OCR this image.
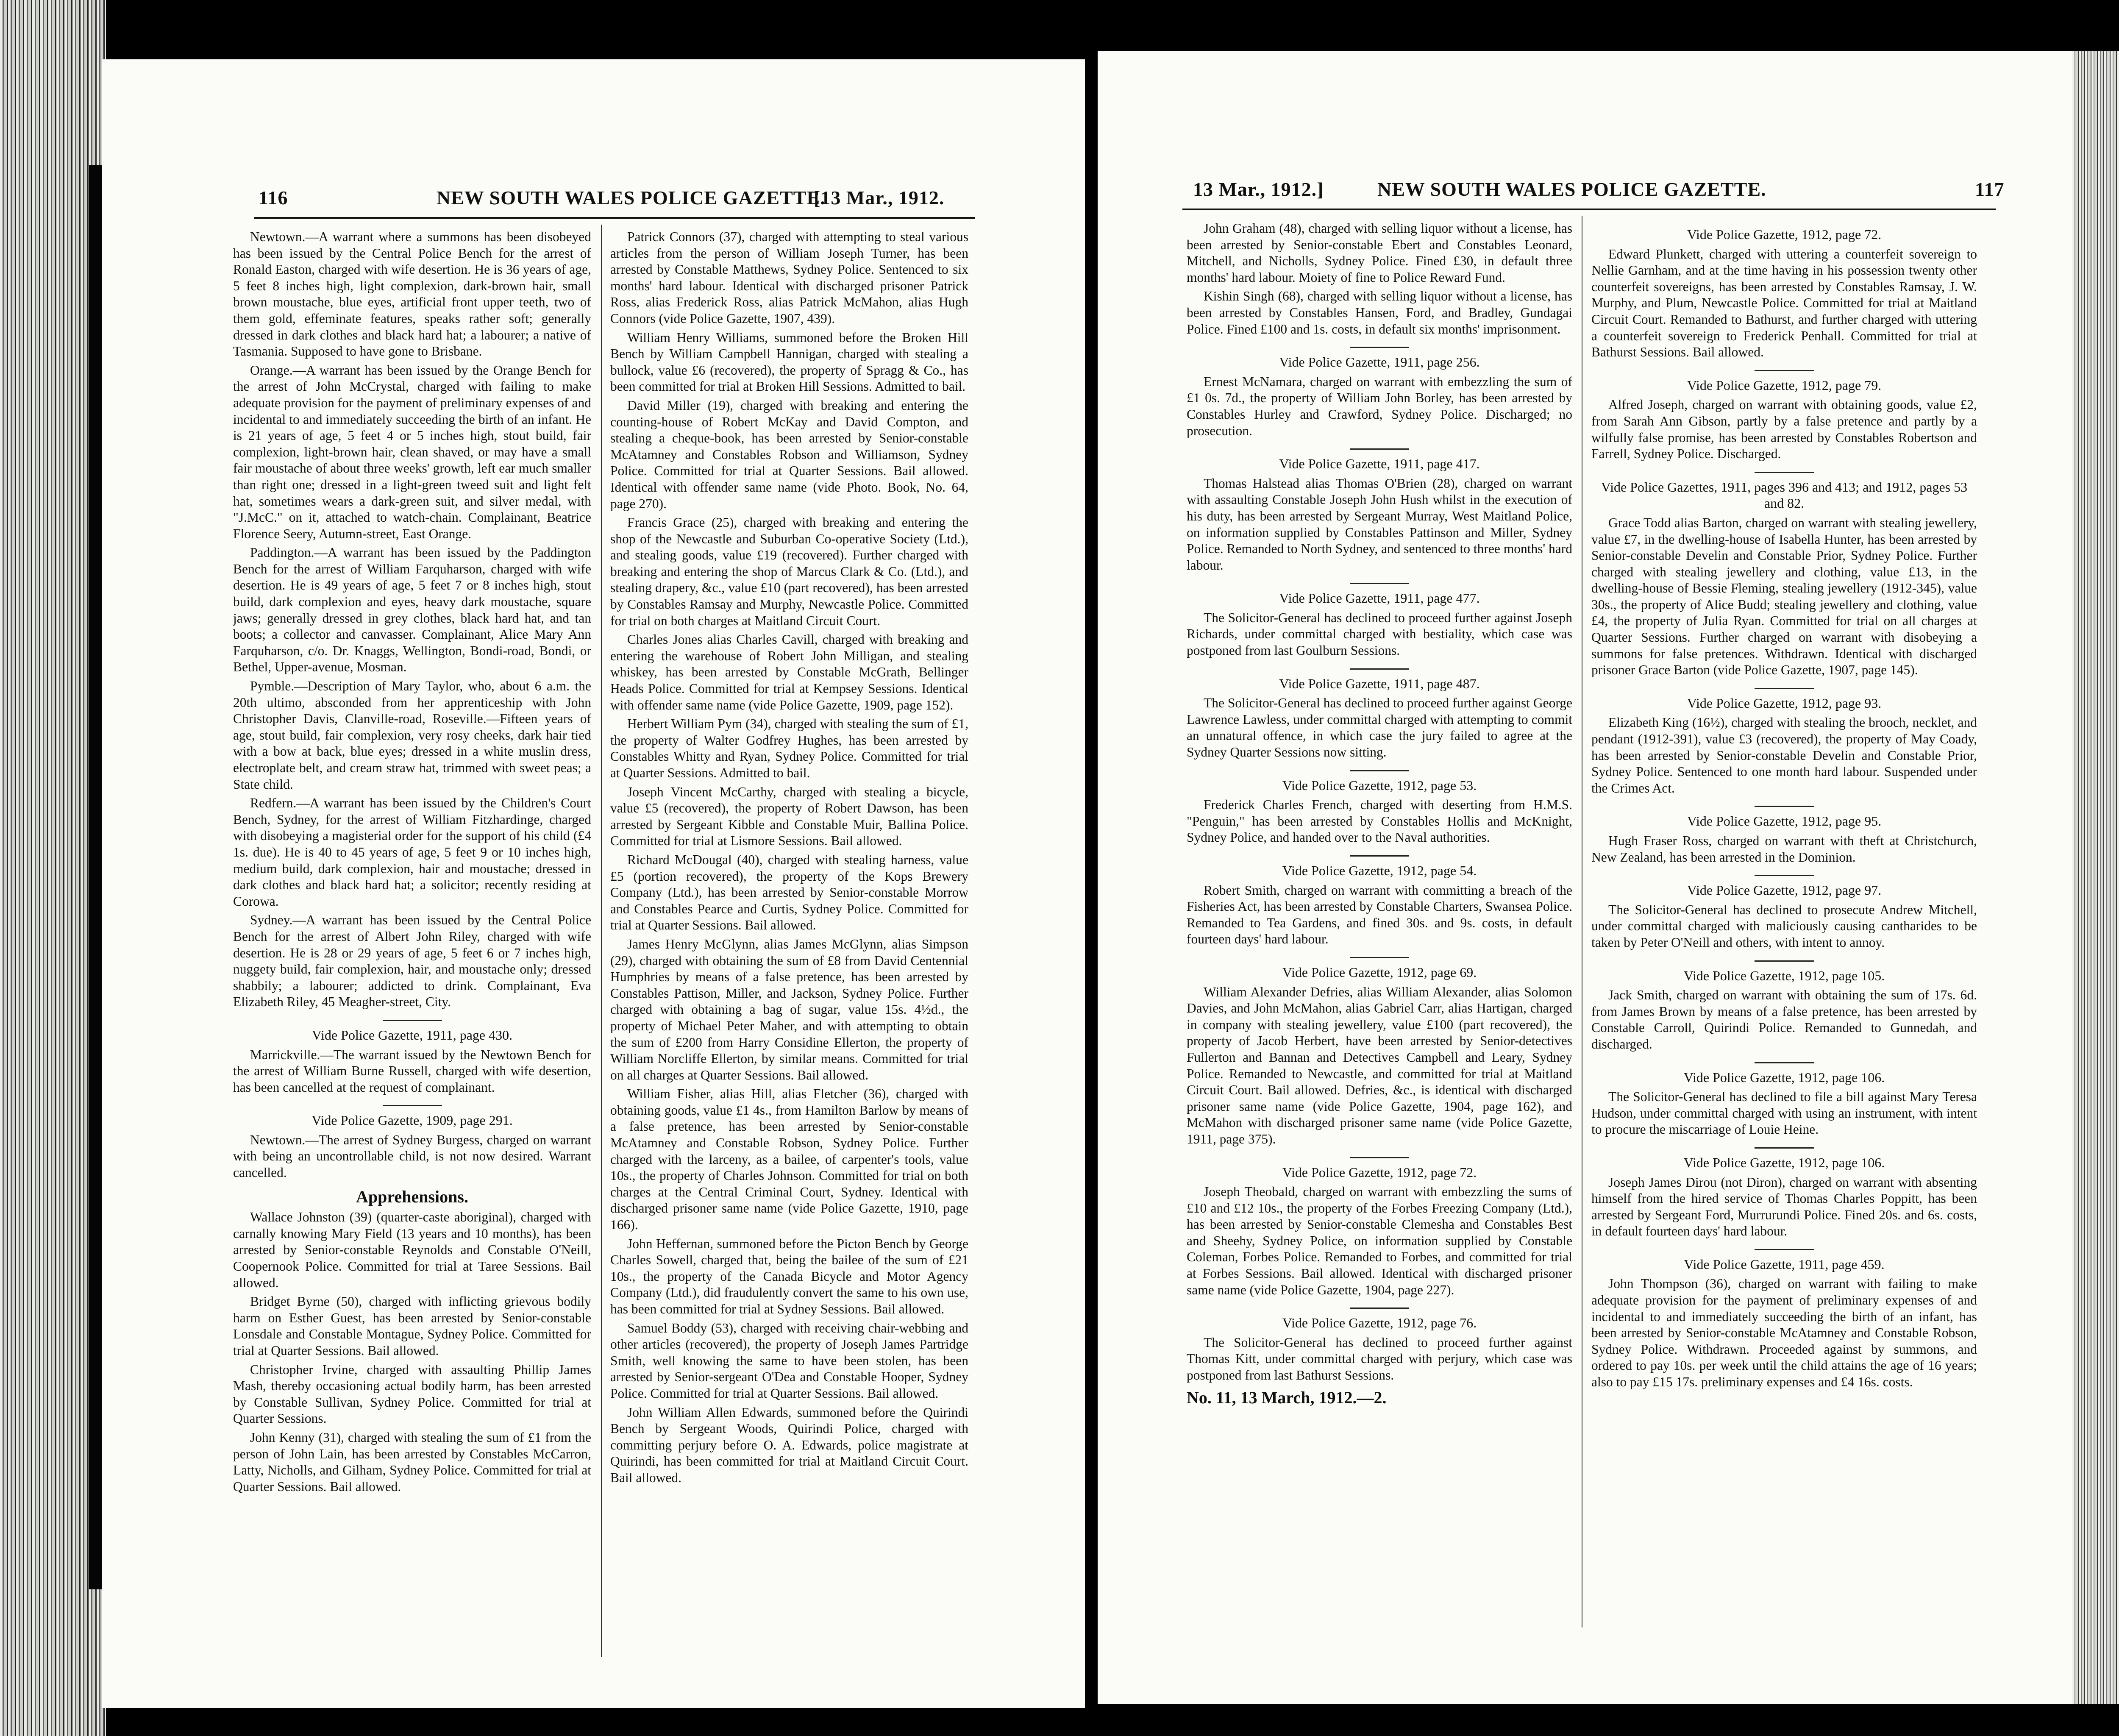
116	NEW SOUTH WALES POLICE GAZETTE.
[13 Mar., 1912.

Newtown.—A warrant where a summons has been disobeyed has been issued by the Central Police Bench for the arrest of Ronald Easton, charged with wife desertion. He is 36 years of age, 5 feet 8 inches high, light complexion, dark-brown hair, small brown moustache, blue eyes, artificial front upper teeth, two of them gold, effeminate features, speaks rather soft; generally dressed in dark clothes and black hard hat; a labourer; a native of Tasmania. Supposed to have gone to Brisbane.

Orange.—A warrant has been issued by the Orange Bench for the arrest of John McCrystal, charged with failing to make adequate provision for the payment of preliminary expenses of and incidental to and immediately succeeding the birth of an infant. He is 21 years of age, 5 feet 4 or 5 inches high, stout build, fair complexion, light-brown hair, clean shaved, or may have a small fair moustache of about three weeks' growth, left ear much smaller than right one; dressed in a light-green tweed suit and light felt hat, sometimes wears a dark-green suit, and silver medal, with "J.McC." on it, attached to watch-chain. Complainant, Beatrice Florence Seery, Autumn-street, East Orange.

Paddington.—A warrant has been issued by the Paddington Bench for the arrest of William Farquharson, charged with wife desertion. He is 49 years of age, 5 feet 7 or 8 inches high, stout build, dark complexion and eyes, heavy dark moustache, square jaws; generally dressed in grey clothes, black hard hat, and tan boots; a collector and canvasser. Complainant, Alice Mary Ann Farquharson, c/o. Dr. Knaggs, Wellington, Bondi-road, Bondi, or Bethel, Upper-avenue, Mosman.

Pymble.—Description of Mary Taylor, who, about 6 a.m. the 20th ultimo, absconded from her apprenticeship with John Christopher Davis, Clanville-road, Roseville.—Fifteen years of age, stout build, fair complexion, very rosy cheeks, dark hair tied with a bow at back, blue eyes; dressed in a white muslin dress, electroplate belt, and cream straw hat, trimmed with sweet peas; a State child.

Redfern.—A warrant has been issued by the Children's Court Bench, Sydney, for the arrest of William Fitzhardinge, charged with disobeying a magisterial order for the support of his child (£4 1s. due). He is 40 to 45 years of age, 5 feet 9 or 10 inches high, medium build, dark complexion, hair and moustache; dressed in dark clothes and black hard hat; a solicitor; recently residing at Corowa.

Sydney.—A warrant has been issued by the Central Police Bench for the arrest of Albert John Riley, charged with wife desertion. He is 28 or 29 years of age, 5 feet 6 or 7 inches high, nuggety build, fair complexion, hair, and moustache only; dressed shabbily; a labourer; addicted to drink. Complainant, Eva Elizabeth Riley, 45 Meagher-street, City.

Vide Police Gazette, 1911, page 430.

Marrickville.—The warrant issued by the Newtown Bench for the arrest of William Burne Russell, charged with wife desertion, has been cancelled at the request of complainant.

Vide Police Gazette, 1909, page 291.

Newtown.—The arrest of Sydney Burgess, charged on warrant with being an uncontrollable child, is not now desired. Warrant cancelled.

Apprehensions.

Wallace Johnston (39) (quarter-caste aboriginal), charged with carnally knowing Mary Field (13 years and 10 months), has been arrested by Senior-constable Reynolds and Constable O'Neill, Coopernook Police. Committed for trial at Taree Sessions. Bail allowed.

Bridget Byrne (50), charged with inflicting grievous bodily harm on Esther Guest, has been arrested by Senior-constable Lonsdale and Constable Montague, Sydney Police. Committed for trial at Quarter Sessions. Bail allowed.

Christopher Irvine, charged with assaulting Phillip James Mash, thereby occasioning actual bodily harm, has been arrested by Constable Sullivan, Sydney Police. Committed for trial at Quarter Sessions.

John Kenny (31), charged with stealing the sum of £1 from the person of John Lain, has been arrested by Constables McCarron, Latty, Nicholls, and Gilham, Sydney Police. Committed for trial at Quarter Sessions. Bail allowed.

Patrick Connors (37), charged with attempting to steal various articles from the person of William Joseph Turner, has been arrested by Constable Matthews, Sydney Police. Sentenced to six months' hard labour. Identical with discharged prisoner Patrick Ross, alias Frederick Ross, alias Patrick McMahon, alias Hugh Connors (vide Police Gazette, 1907, 439).

William Henry Williams, summoned before the Broken Hill Bench by William Campbell Hannigan, charged with stealing a bullock, value £6 (recovered), the property of Spragg & Co., has been committed for trial at Broken Hill Sessions. Admitted to bail.

David Miller (19), charged with breaking and entering the counting-house of Robert McKay and David Compton, and stealing a cheque-book, has been arrested by Senior-constable McAtamney and Constables Robson and Williamson, Sydney Police. Committed for trial at Quarter Sessions. Bail allowed. Identical with offender same name (vide Photo. Book, No. 64, page 270).

Francis Grace (25), charged with breaking and entering the shop of the Newcastle and Suburban Co-operative Society (Ltd.), and stealing goods, value £19 (recovered). Further charged with breaking and entering the shop of Marcus Clark & Co. (Ltd.), and stealing drapery, &c., value £10 (part recovered), has been arrested by Constables Ramsay and Murphy, Newcastle Police. Committed for trial on both charges at Maitland Circuit Court.

Charles Jones alias Charles Cavill, charged with breaking and entering the warehouse of Robert John Milligan, and stealing whiskey, has been arrested by Constable McGrath, Bellinger Heads Police. Committed for trial at Kempsey Sessions. Identical with offender same name (vide Police Gazette, 1909, page 152).

Herbert William Pym (34), charged with stealing the sum of £1, the property of Walter Godfrey Hughes, has been arrested by Constables Whitty and Ryan, Sydney Police. Committed for trial at Quarter Sessions. Admitted to bail.

Joseph Vincent McCarthy, charged with stealing a bicycle, value £5 (recovered), the property of Robert Dawson, has been arrested by Sergeant Kibble and Constable Muir, Ballina Police. Committed for trial at Lismore Sessions. Bail allowed.

Richard McDougal (40), charged with stealing harness, value £5 (portion recovered), the property of the Kops Brewery Company (Ltd.), has been arrested by Senior-constable Morrow and Constables Pearce and Curtis, Sydney Police. Committed for trial at Quarter Sessions. Bail allowed.

James Henry McGlynn, alias James McGlynn, alias Simpson (29), charged with obtaining the sum of £8 from David Centennial Humphries by means of a false pretence, has been arrested by Constables Pattison, Miller, and Jackson, Sydney Police. Further charged with obtaining a bag of sugar, value 15s. 4½d., the property of Michael Peter Maher, and with attempting to obtain the sum of £200 from Harry Considine Ellerton, the property of William Norcliffe Ellerton, by similar means. Committed for trial on all charges at Quarter Sessions. Bail allowed.

William Fisher, alias Hill, alias Fletcher (36), charged with obtaining goods, value £1 4s., from Hamilton Barlow by means of a false pretence, has been arrested by Senior-constable McAtamney and Constable Robson, Sydney Police. Further charged with the larceny, as a bailee, of carpenter's tools, value 10s., the property of Charles Johnson. Committed for trial on both charges at the Central Criminal Court, Sydney. Identical with discharged prisoner same name (vide Police Gazette, 1910, page 166).

John Heffernan, summoned before the Picton Bench by George Charles Sowell, charged that, being the bailee of the sum of £21 10s., the property of the Canada Bicycle and Motor Agency Company (Ltd.), did fraudulently convert the same to his own use, has been committed for trial at Sydney Sessions. Bail allowed.

Samuel Boddy (53), charged with receiving chair-webbing and other articles (recovered), the property of Joseph James Partridge Smith, well knowing the same to have been stolen, has been arrested by Senior-sergeant O'Dea and Constable Hooper, Sydney Police. Committed for trial at Quarter Sessions. Bail allowed.

John William Allen Edwards, summoned before the Quirindi Bench by Sergeant Woods, Quirindi Police, charged with committing perjury before O. A. Edwards, police magistrate at Quirindi, has been committed for trial at Maitland Circuit Court. Bail allowed.

13 Mar., 1912.]	NEW SOUTH WALES POLICE GAZETTE.	117

John Graham (48), charged with selling liquor without a license, has been arrested by Senior-constable Ebert and Constables Leonard, Mitchell, and Nicholls, Sydney Police. Fined £30, in default three months' hard labour. Moiety of fine to Police Reward Fund.

Kishin Singh (68), charged with selling liquor without a license, has been arrested by Constables Hansen, Ford, and Bradley, Gundagai Police. Fined £100 and 1s. costs, in default six months' imprisonment.

Vide Police Gazette, 1911, page 256.

Ernest McNamara, charged on warrant with embezzling the sum of £1 0s. 7d., the property of William John Borley, has been arrested by Constables Hurley and Crawford, Sydney Police. Discharged; no prosecution.

Vide Police Gazette, 1911, page 417.

Thomas Halstead alias Thomas O'Brien (28), charged on warrant with assaulting Constable Joseph John Hush whilst in the execution of his duty, has been arrested by Sergeant Murray, West Maitland Police, on information supplied by Constables Pattinson and Miller, Sydney Police. Remanded to North Sydney, and sentenced to three months' hard labour.

Vide Police Gazette, 1911, page 477.

The Solicitor-General has declined to proceed further against Joseph Richards, under committal charged with bestiality, which case was postponed from last Goulburn Sessions.

Vide Police Gazette, 1911, page 487.

The Solicitor-General has declined to proceed further against George Lawrence Lawless, under committal charged with attempting to commit an unnatural offence, in which case the jury failed to agree at the Sydney Quarter Sessions now sitting.

Vide Police Gazette, 1912, page 53.

Frederick Charles French, charged with deserting from H.M.S. "Penguin," has been arrested by Constables Hollis and McKnight, Sydney Police, and handed over to the Naval authorities.

Vide Police Gazette, 1912, page 54.

Robert Smith, charged on warrant with committing a breach of the Fisheries Act, has been arrested by Constable Charters, Swansea Police. Remanded to Tea Gardens, and fined 30s. and 9s. costs, in default fourteen days' hard labour.

Vide Police Gazette, 1912, page 69.

William Alexander Defries, alias William Alexander, alias Solomon Davies, and John McMahon, alias Gabriel Carr, alias Hartigan, charged in company with stealing jewellery, value £100 (part recovered), the property of Jacob Herbert, have been arrested by Senior-detectives Fullerton and Bannan and Detectives Campbell and Leary, Sydney Police. Remanded to Newcastle, and committed for trial at Maitland Circuit Court. Bail allowed. Defries, &c., is identical with discharged prisoner same name (vide Police Gazette, 1904, page 162), and McMahon with discharged prisoner same name (vide Police Gazette, 1911, page 375).

Vide Police Gazette, 1912, page 72.

Joseph Theobald, charged on warrant with embezzling the sums of £10 and £12 10s., the property of the Forbes Freezing Company (Ltd.), has been arrested by Senior-constable Clemesha and Constables Best and Sheehy, Sydney Police, on information supplied by Constable Coleman, Forbes Police. Remanded to Forbes, and committed for trial at Forbes Sessions. Bail allowed. Identical with discharged prisoner same name (vide Police Gazette, 1904, page 227).

Vide Police Gazette, 1912, page 76.

The Solicitor-General has declined to proceed further against Thomas Kitt, under committal charged with perjury, which case was postponed from last Bathurst Sessions.

No. 11, 13 March, 1912.—2.

Vide Police Gazette, 1912, page 72.

Edward Plunkett, charged with uttering a counterfeit sovereign to Nellie Garnham, and at the time having in his possession twenty other counterfeit sovereigns, has been arrested by Constables Ramsay, J. W. Murphy, and Plum, Newcastle Police. Committed for trial at Maitland Circuit Court. Remanded to Bathurst, and further charged with uttering a counterfeit sovereign to Frederick Penhall. Committed for trial at Bathurst Sessions. Bail allowed.

Vide Police Gazette, 1912, page 79.

Alfred Joseph, charged on warrant with obtaining goods, value £2, from Sarah Ann Gibson, partly by a false pretence and partly by a wilfully false promise, has been arrested by Constables Robertson and Farrell, Sydney Police. Discharged.

Vide Police Gazettes, 1911, pages 396 and 413; and 1912, pages 53 and 82.

Grace Todd alias Barton, charged on warrant with stealing jewellery, value £7, in the dwelling-house of Isabella Hunter, has been arrested by Senior-constable Develin and Constable Prior, Sydney Police. Further charged with stealing jewellery and clothing, value £13, in the dwelling-house of Bessie Fleming, stealing jewellery (1912-345), value 30s., the property of Alice Budd; stealing jewellery and clothing, value £4, the property of Julia Ryan. Committed for trial on all charges at Quarter Sessions. Further charged on warrant with disobeying a summons for false pretences. Withdrawn. Identical with discharged prisoner Grace Barton (vide Police Gazette, 1907, page 145).

Vide Police Gazette, 1912, page 93.

Elizabeth King (16½), charged with stealing the brooch, necklet, and pendant (1912-391), value £3 (recovered), the property of May Coady, has been arrested by Senior-constable Develin and Constable Prior, Sydney Police. Sentenced to one month hard labour. Suspended under the Crimes Act.

Vide Police Gazette, 1912, page 95.

Hugh Fraser Ross, charged on warrant with theft at Christchurch, New Zealand, has been arrested in the Dominion.

Vide Police Gazette, 1912, page 97.

The Solicitor-General has declined to prosecute Andrew Mitchell, under committal charged with maliciously causing cantharides to be taken by Peter O'Neill and others, with intent to annoy.

Vide Police Gazette, 1912, page 105.

Jack Smith, charged on warrant with obtaining the sum of 17s. 6d. from James Brown by means of a false pretence, has been arrested by Constable Carroll, Quirindi Police. Remanded to Gunnedah, and discharged.

Vide Police Gazette, 1912, page 106.

The Solicitor-General has declined to file a bill against Mary Teresa Hudson, under committal charged with using an instrument, with intent to procure the miscarriage of Louie Heine.

Vide Police Gazette, 1912, page 106.

Joseph James Dirou (not Diron), charged on warrant with absenting himself from the hired service of Thomas Charles Poppitt, has been arrested by Sergeant Ford, Murrurundi Police. Fined 20s. and 6s. costs, in default fourteen days' hard labour.

Vide Police Gazette, 1911, page 459.

John Thompson (36), charged on warrant with failing to make adequate provision for the payment of preliminary expenses of and incidental to and immediately succeeding the birth of an infant, has been arrested by Senior-constable McAtamney and Constable Robson, Sydney Police. Withdrawn. Proceeded against by summons, and ordered to pay 10s. per week until the child attains the age of 16 years; also to pay £15 17s. preliminary expenses and £4 16s. costs.
